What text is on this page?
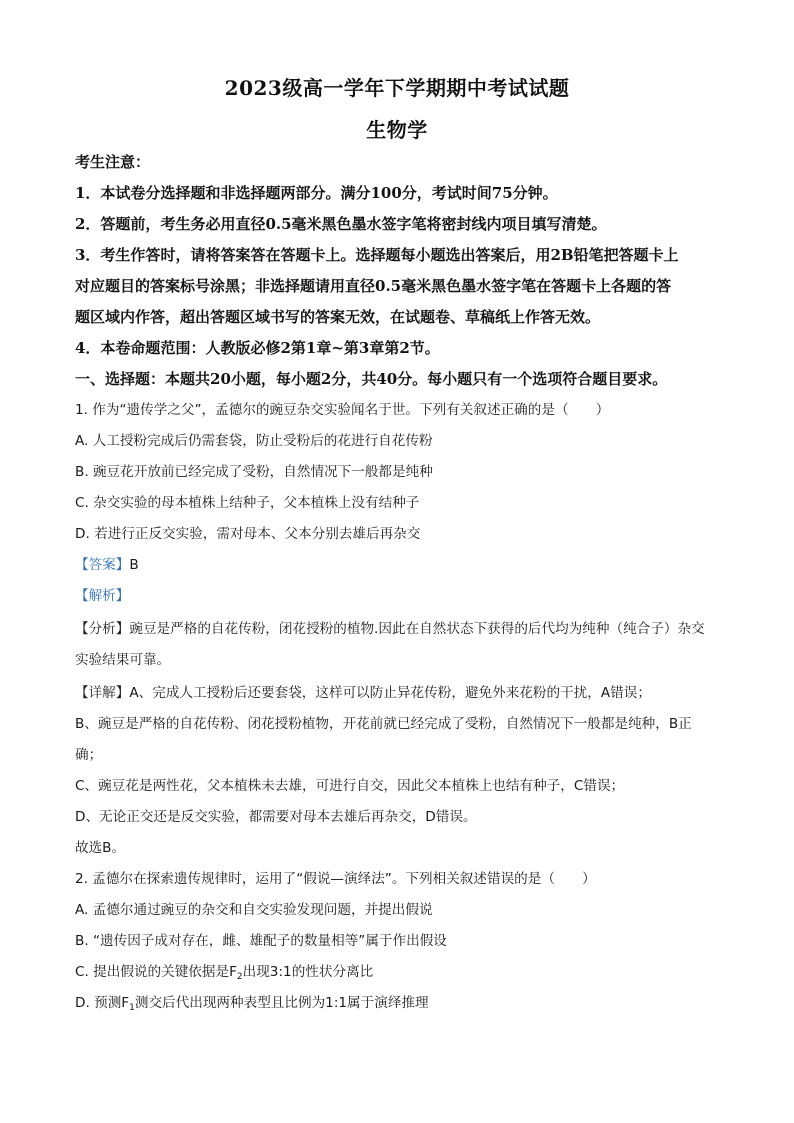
2023级高一学年下学期期中考试试题
生物学
考生注意：
1．本试卷分选择题和非选择题两部分。满分100分，考试时间75分钟。
2．答题前，考生务必用直径0.5毫米黑色墨水签字笔将密封线内项目填写清楚。
3．考生作答时，请将答案答在答题卡上。选择题每小题选出答案后，用2B铅笔把答题卡上
对应题目的答案标号涂黑；非选择题请用直径0.5毫米黑色墨水签字笔在答题卡上各题的答
题区域内作答，超出答题区域书写的答案无效，在试题卷、草稿纸上作答无效。
4．本卷命题范围：人教版必修2第1章~第3章第2节。
一、选择题：本题共20小题，每小题2分，共40分。每小题只有一个选项符合题目要求。
1. 作为“遗传学之父”，孟德尔的豌豆杂交实验闻名于世。下列有关叙述正确的是（　　）
A. 人工授粉完成后仍需套袋，防止受粉后的花进行自花传粉
B. 豌豆花开放前已经完成了受粉，自然情况下一般都是纯种
C. 杂交实验的母本植株上结种子，父本植株上没有结种子
D. 若进行正反交实验，需对母本、父本分别去雄后再杂交
【答案】B
【解析】
【分析】豌豆是严格的自花传粉，闭花授粉的植物.因此在自然状态下获得的后代均为纯种（纯合子）杂交
实验结果可靠。
【详解】A、完成人工授粉后还要套袋，这样可以防止异花传粉，避免外来花粉的干扰，A错误；
B、豌豆是严格的自花传粉、闭花授粉植物，开花前就已经完成了受粉，自然情况下一般都是纯种，B正
确；
C、豌豆花是两性花，父本植株未去雄，可进行自交，因此父本植株上也结有种子，C错误；
D、无论正交还是反交实验，都需要对母本去雄后再杂交，D错误。
故选B。
2. 孟德尔在探索遗传规律时，运用了“假说—演绎法”。下列相关叙述错误的是（　　）
A. 孟德尔通过豌豆的杂交和自交实验发现问题，并提出假说
B. “遗传因子成对存在，雌、雄配子的数量相等”属于作出假设
C. 提出假说的关键依据是$F_2$出现3:1的性状分离比
D. 预测$F_1$测交后代出现两种表型且比例为1:1属于演绎推理
